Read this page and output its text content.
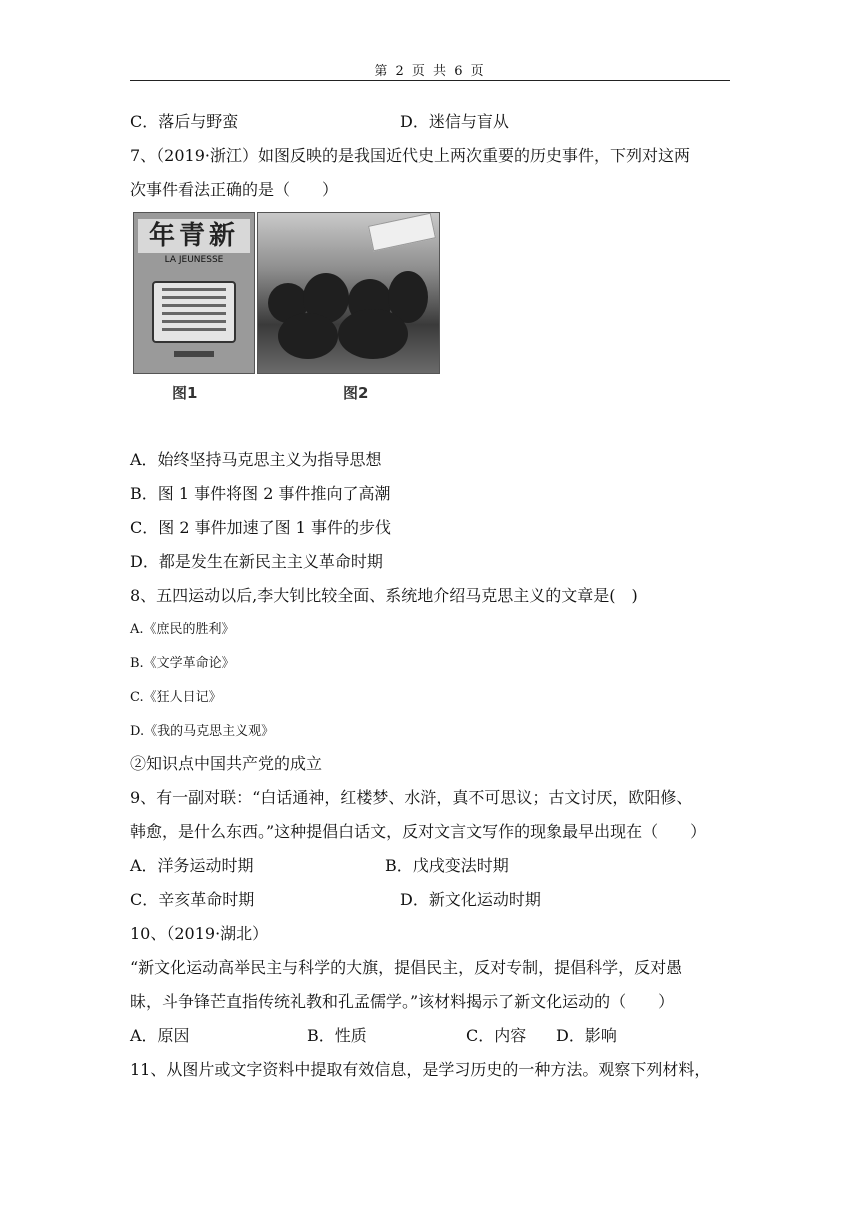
第 2 页 共 6 页
C．落后与野蛮	D．迷信与盲从
7、（2019·浙江）如图反映的是我国近代史上两次重要的历史事件，下列对这两
次事件看法正确的是（　　）
年青新
LA JEUNESSE
图1	图2
A．始终坚持马克思主义为指导思想
B．图 1 事件将图 2 事件推向了高潮
C．图 2 事件加速了图 1 事件的步伐
D．都是发生在新民主主义革命时期
8、五四运动以后,李大钊比较全面、系统地介绍马克思主义的文章是(　)
A.《庶民的胜利》
B.《文学革命论》
C.《狂人日记》
D.《我的马克思主义观》
②知识点中国共产党的成立
9、有一副对联：“白话通神，红楼梦、水浒，真不可思议；古文讨厌，欧阳修、
韩愈，是什么东西。”这种提倡白话文，反对文言文写作的现象最早出现在（　　）
A．洋务运动时期	B．戊戌变法时期
C．辛亥革命时期	D．新文化运动时期
10、（2019·湖北）
“新文化运动高举民主与科学的大旗，提倡民主，反对专制，提倡科学，反对愚
昧，斗争锋芒直指传统礼教和孔孟儒学。”该材料揭示了新文化运动的（　　）
A．原因	B．性质	C．内容 D．影响
11、从图片或文字资料中提取有效信息，是学习历史的一种方法。观察下列材料，
